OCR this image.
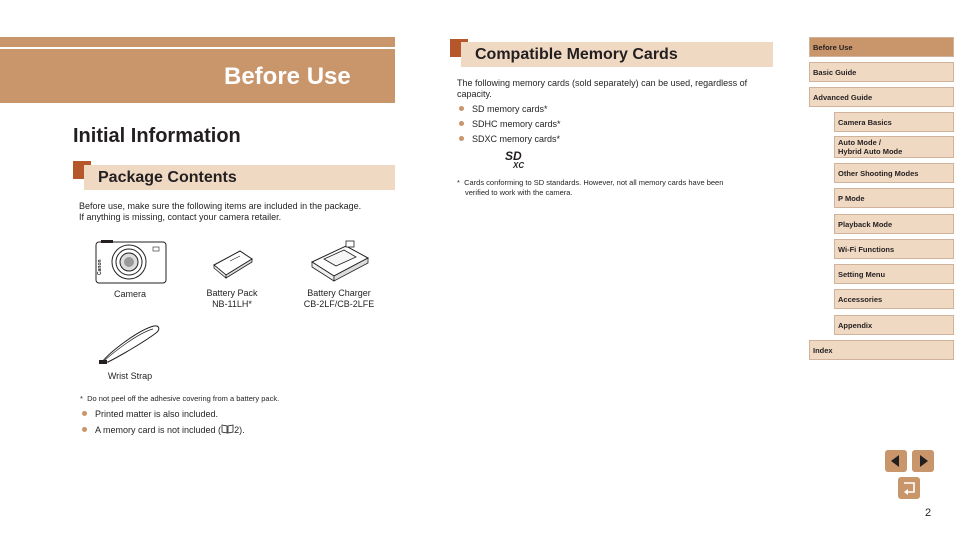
Before Use
Initial Information
Package Contents
Before use, make sure the following items are included in the package.
If anything is missing, contact your camera retailer.
Canon
Camera	Battery Pack
NB-11LH*
Battery Charger
CB-2LF/CB-2LFE
Wrist Strap
* Do not peel off the adhesive covering from a battery pack.
Printed matter is also included.
A memory card is not included ( 2).
Compatible Memory Cards
The following memory cards (sold separately) can be used, regardless of
capacity.
SD memory cards*
SDHC memory cards*
SDXC memory cards*
SD
XC
* Cards conforming to SD standards. However, not all memory cards have been
verified to work with the camera.
Before Use
Basic Guide
Advanced Guide
Camera Basics
Auto Mode /
Hybrid Auto Mode
Other Shooting Modes
P Mode
Playback Mode
Wi-Fi Functions
Setting Menu
Accessories
Appendix
Index
2
